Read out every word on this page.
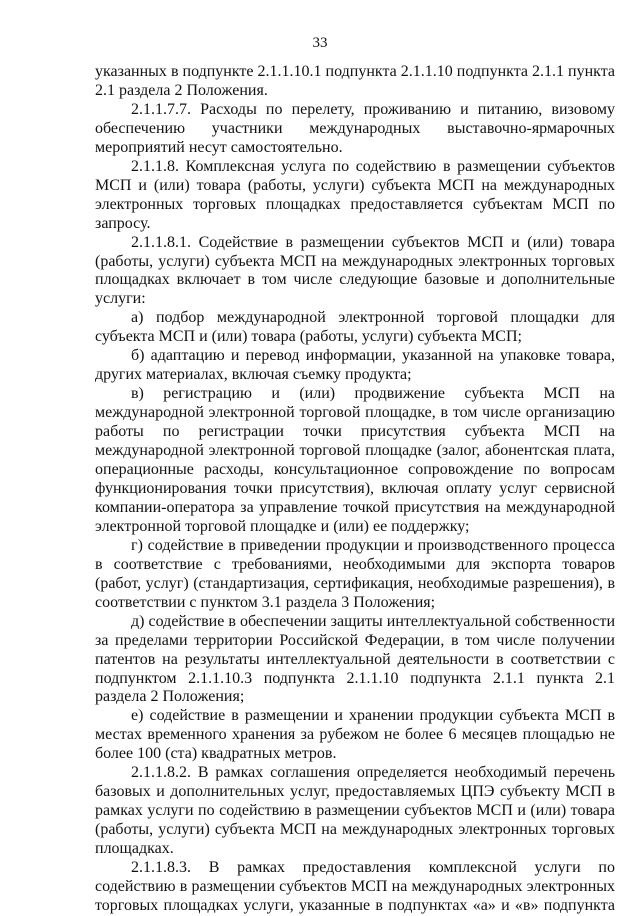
33

указанных в подпункте 2.1.1.10.1 подпункта 2.1.1.10 подпункта 2.1.1 пункта 2.1 раздела 2 Положения.

2.1.1.7.7. Расходы по перелету, проживанию и питанию, визовому обеспечению участники международных выставочно-ярмарочных мероприятий несут самостоятельно.

2.1.1.8. Комплексная услуга по содействию в размещении субъектов МСП и (или) товара (работы, услуги) субъекта МСП на международных электронных торговых площадках предоставляется субъектам МСП по запросу.

2.1.1.8.1. Содействие в размещении субъектов МСП и (или) товара (работы, услуги) субъекта МСП на международных электронных торговых площадках включает в том числе следующие базовые и дополнительные услуги:

а) подбор международной электронной торговой площадки для субъекта МСП и (или) товара (работы, услуги) субъекта МСП;

б) адаптацию и перевод информации, указанной на упаковке товара, других материалах, включая съемку продукта;

в) регистрацию и (или) продвижение субъекта МСП на международной электронной торговой площадке, в том числе организацию работы по регистрации точки присутствия субъекта МСП на международной электронной торговой площадке (залог, абонентская плата, операционные расходы, консультационное сопровождение по вопросам функционирования точки присутствия), включая оплату услуг сервисной компании-оператора за управление точкой присутствия на международной электронной торговой площадке и (или) ее поддержку;

г) содействие в приведении продукции и производственного процесса в соответствие с требованиями, необходимыми для экспорта товаров (работ, услуг) (стандартизация, сертификация, необходимые разрешения), в соответствии с пунктом 3.1 раздела 3 Положения;

д) содействие в обеспечении защиты интеллектуальной собственности за пределами территории Российской Федерации, в том числе получении патентов на результаты интеллектуальной деятельности в соответствии с подпунктом 2.1.1.10.3 подпункта 2.1.1.10 подпункта 2.1.1 пункта 2.1 раздела 2 Положения;

е) содействие в размещении и хранении продукции субъекта МСП в местах временного хранения за рубежом не более 6 месяцев площадью не более 100 (ста) квадратных метров.

2.1.1.8.2. В рамках соглашения определяется необходимый перечень базовых и дополнительных услуг, предоставляемых ЦПЭ субъекту МСП в рамках услуги по содействию в размещении субъектов МСП и (или) товара (работы, услуги) субъекта МСП на международных электронных торговых площадках.

2.1.1.8.3. В рамках предоставления комплексной услуги по содействию в размещении субъектов МСП на международных электронных торговых площадках услуги, указанные в подпунктах «а» и «в» подпункта
